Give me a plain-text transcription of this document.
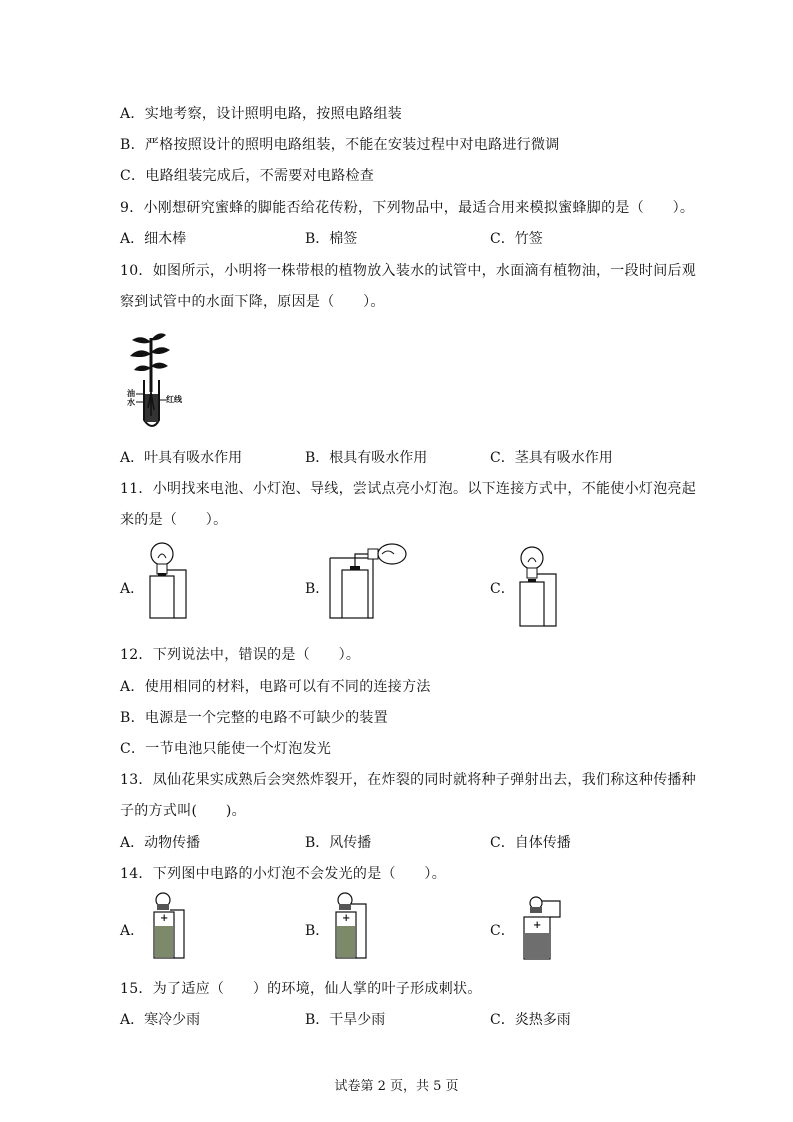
A．实地考察，设计照明电路，按照电路组装
B．严格按照设计的照明电路组装，不能在安装过程中对电路进行微调
C．电路组装完成后，不需要对电路检查
9．小刚想研究蜜蜂的脚能否给花传粉，下列物品中，最适合用来模拟蜜蜂脚的是（　　）。
A．细木棒	B．棉签	C．竹签
10．如图所示，小明将一株带根的植物放入装水的试管中，水面滴有植物油，一段时间后观
察到试管中的水面下降，原因是（　　）。
油
水	红线
A．叶具有吸水作用	B．根具有吸水作用	C．茎具有吸水作用
11．小明找来电池、小灯泡、导线，尝试点亮小灯泡。以下连接方式中，不能使小灯泡亮起
来的是（　　）。
A．	B．	C．
12．下列说法中，错误的是（　　）。
A．使用相同的材料，电路可以有不同的连接方法
B．电源是一个完整的电路不可缺少的装置
C．一节电池只能使一个灯泡发光
13．凤仙花果实成熟后会突然炸裂开，在炸裂的同时就将种子弹射出去，我们称这种传播种
子的方式叫(　　)。
A．动物传播	B．风传播	C．自体传播
14．下列图中电路的小灯泡不会发光的是（　　）。
A．
+
B．
+
C． +
15．为了适应（　　）的环境，仙人掌的叶子形成刺状。
A．寒冷少雨	B．干旱少雨	C．炎热多雨
试卷第 2 页，共 5 页
